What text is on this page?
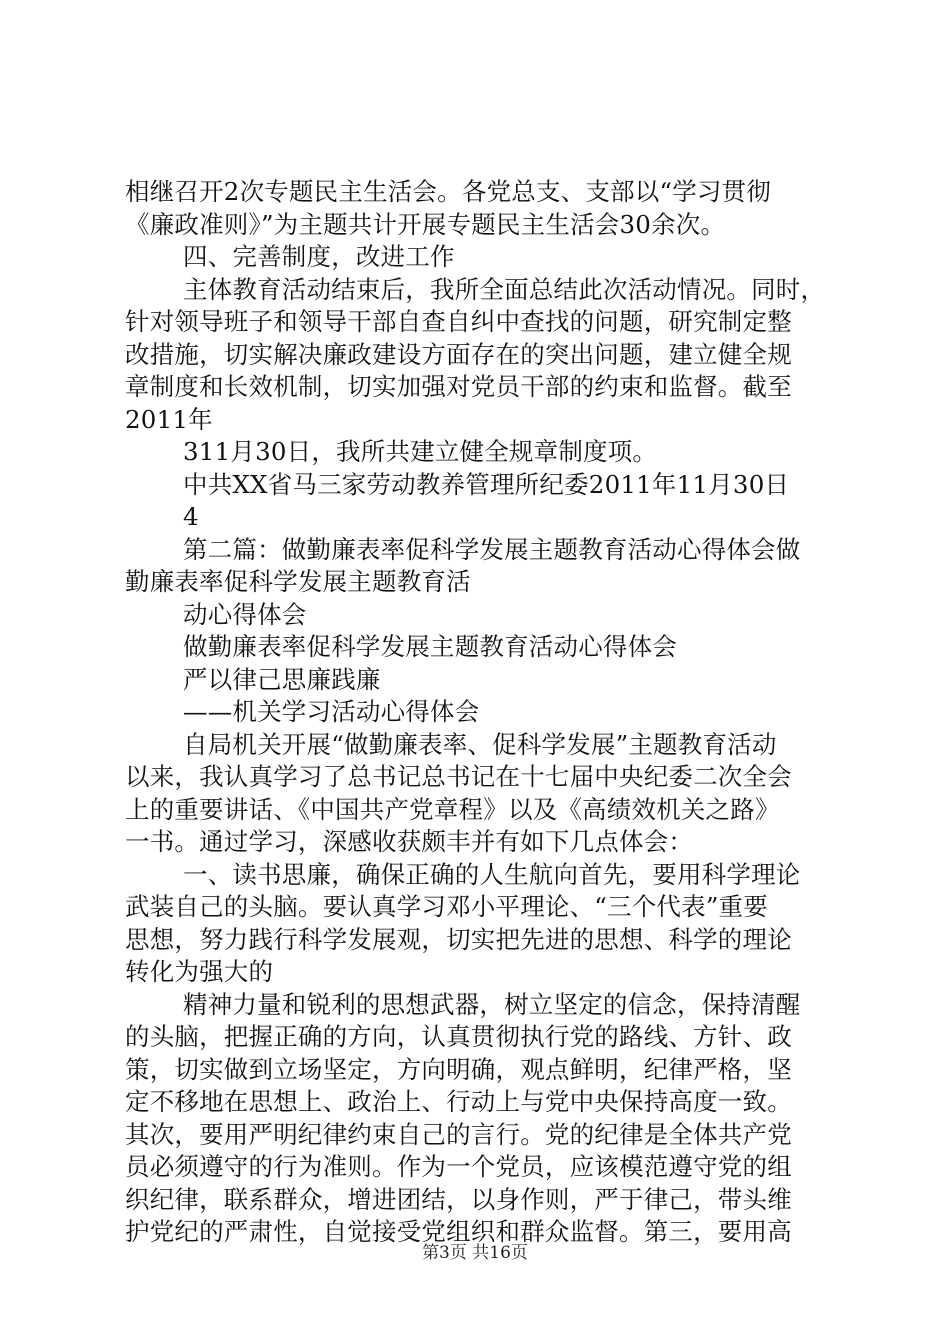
相继召开2次专题民主生活会。各党总支、支部以“学习贯彻
《廉政准则》”为主题共计开展专题民主生活会30余次。
四、完善制度，改进工作
主体教育活动结束后，我所全面总结此次活动情况。同时，
针对领导班子和领导干部自查自纠中查找的问题，研究制定整
改措施，切实解决廉政建设方面存在的突出问题，建立健全规
章制度和长效机制，切实加强对党员干部的约束和监督。截至
2011年
311月30日，我所共建立健全规章制度项。
中共XX省马三家劳动教养管理所纪委2011年11月30日
4
第二篇：做勤廉表率促科学发展主题教育活动心得体会做
勤廉表率促科学发展主题教育活
动心得体会
做勤廉表率促科学发展主题教育活动心得体会
严以律己思廉践廉
——机关学习活动心得体会
自局机关开展“做勤廉表率、促科学发展”主题教育活动
以来，我认真学习了总书记总书记在十七届中央纪委二次全会
上的重要讲话、《中国共产党章程》以及《高绩效机关之路》
一书。通过学习，深感收获颇丰并有如下几点体会：
一、读书思廉，确保正确的人生航向首先，要用科学理论
武装自己的头脑。要认真学习邓小平理论、“三个代表”重要
思想，努力践行科学发展观，切实把先进的思想、科学的理论
转化为强大的
精神力量和锐利的思想武器，树立坚定的信念，保持清醒
的头脑，把握正确的方向，认真贯彻执行党的路线、方针、政
策，切实做到立场坚定，方向明确，观点鲜明，纪律严格，坚
定不移地在思想上、政治上、行动上与党中央保持高度一致。
其次，要用严明纪律约束自己的言行。党的纪律是全体共产党
员必须遵守的行为准则。作为一个党员，应该模范遵守党的组
织纪律，联系群众，增进团结，以身作则，严于律己，带头维
护党纪的严肃性，自觉接受党组织和群众监督。第三，要用高
第3页 共16页
